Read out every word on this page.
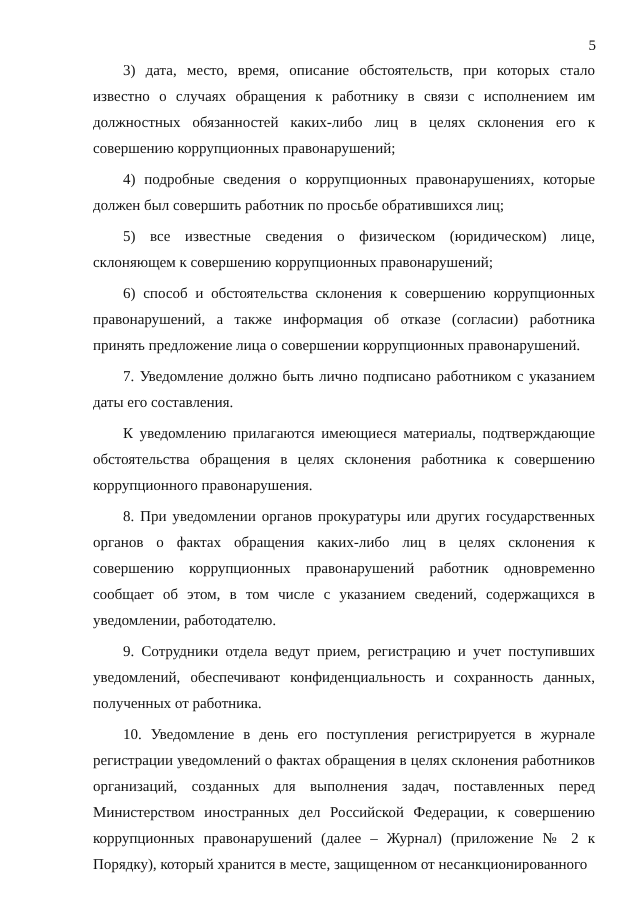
5

3) дата, место, время, описание обстоятельств, при которых стало известно о случаях обращения к работнику в связи с исполнением им должностных обязанностей каких-либо лиц в целях склонения его к совершению коррупционных правонарушений;

4) подробные сведения о коррупционных правонарушениях, которые должен был совершить работник по просьбе обратившихся лиц;

5) все известные сведения о физическом (юридическом) лице, склоняющем к совершению коррупционных правонарушений;

6) способ и обстоятельства склонения к совершению коррупционных правонарушений, а также информация об отказе (согласии) работника принять предложение лица о совершении коррупционных правонарушений.

7. Уведомление должно быть лично подписано работником с указанием даты его составления.

К уведомлению прилагаются имеющиеся материалы, подтверждающие обстоятельства обращения в целях склонения работника к совершению коррупционного правонарушения.

8. При уведомлении органов прокуратуры или других государственных органов о фактах обращения каких-либо лиц в целях склонения к совершению коррупционных правонарушений работник одновременно сообщает об этом, в том числе с указанием сведений, содержащихся в уведомлении, работодателю.

9. Сотрудники отдела ведут прием, регистрацию и учет поступивших уведомлений, обеспечивают конфиденциальность и сохранность данных, полученных от работника.

10. Уведомление в день его поступления регистрируется в журнале регистрации уведомлений о фактах обращения в целях склонения работников организаций, созданных для выполнения задач, поставленных перед Министерством иностранных дел Российской Федерации, к совершению коррупционных правонарушений (далее – Журнал) (приложение № 2 к Порядку), который хранится в месте, защищенном от несанкционированного
